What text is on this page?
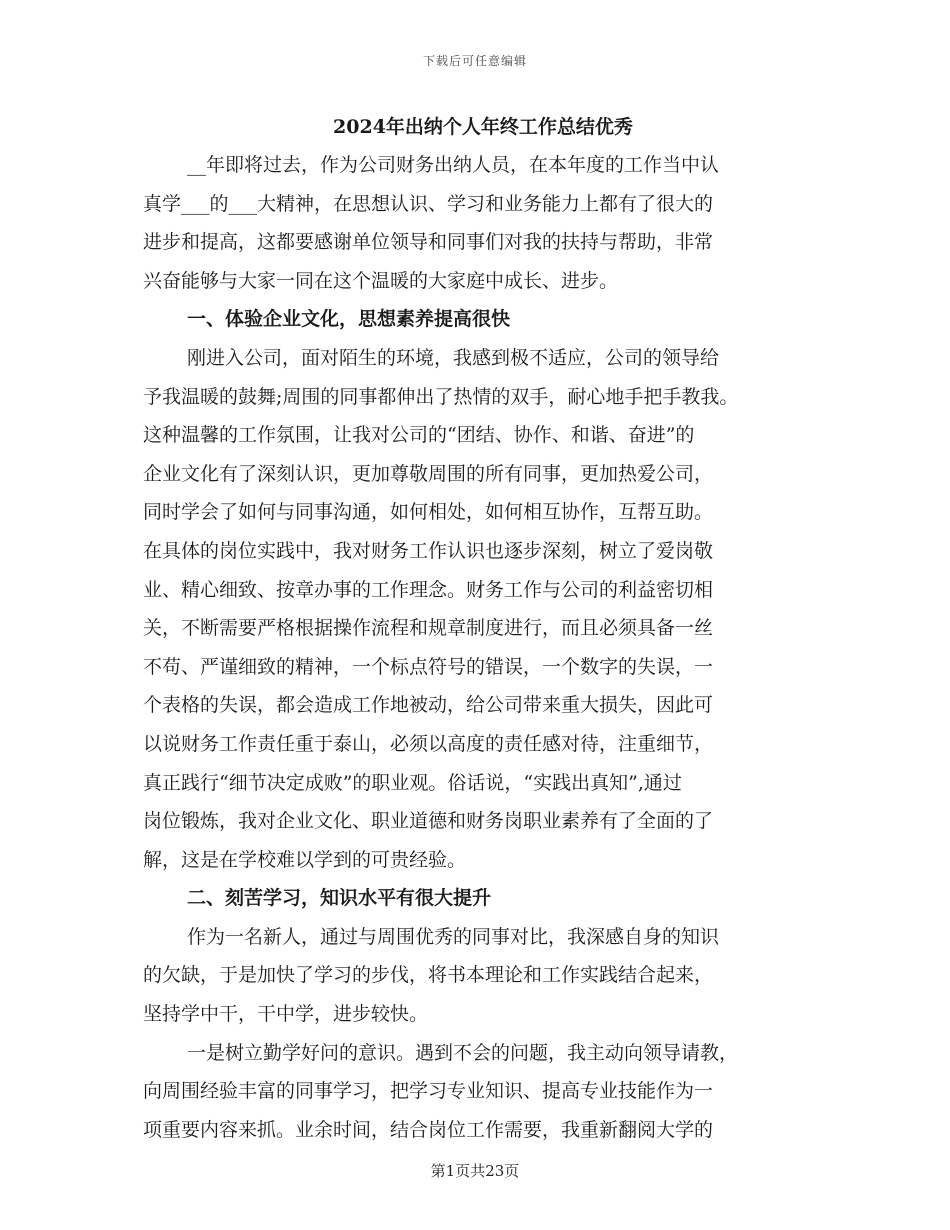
下载后可任意编辑
2024年出纳个人年终工作总结优秀
__年即将过去，作为公司财务出纳人员，在本年度的工作当中认
真学___的___大精神，在思想认识、学习和业务能力上都有了很大的
进步和提高，这都要感谢单位领导和同事们对我的扶持与帮助，非常
兴奋能够与大家一同在这个温暖的大家庭中成长、进步。
一、体验企业文化，思想素养提高很快
刚进入公司，面对陌生的环境，我感到极不适应，公司的领导给
予我温暖的鼓舞;周围的同事都伸出了热情的双手，耐心地手把手教我。
这种温馨的工作氛围，让我对公司的“团结、协作、和谐、奋进”的
企业文化有了深刻认识，更加尊敬周围的所有同事，更加热爱公司，
同时学会了如何与同事沟通，如何相处，如何相互协作，互帮互助。
在具体的岗位实践中，我对财务工作认识也逐步深刻，树立了爱岗敬
业、精心细致、按章办事的工作理念。财务工作与公司的利益密切相
关，不断需要严格根据操作流程和规章制度进行，而且必须具备一丝
不苟、严谨细致的精神，一个标点符号的错误，一个数字的失误，一
个表格的失误，都会造成工作地被动，给公司带来重大损失，因此可
以说财务工作责任重于泰山，必须以高度的责任感对待，注重细节，
真正践行“细节决定成败”的职业观。俗话说，“实践出真知”,通过
岗位锻炼，我对企业文化、职业道德和财务岗职业素养有了全面的了
解，这是在学校难以学到的可贵经验。
二、刻苦学习，知识水平有很大提升
作为一名新人，通过与周围优秀的同事对比，我深感自身的知识
的欠缺，于是加快了学习的步伐，将书本理论和工作实践结合起来，
坚持学中干，干中学，进步较快。
一是树立勤学好问的意识。遇到不会的问题，我主动向领导请教，
向周围经验丰富的同事学习，把学习专业知识、提高专业技能作为一
项重要内容来抓。业余时间，结合岗位工作需要，我重新翻阅大学的
第1页共23页
